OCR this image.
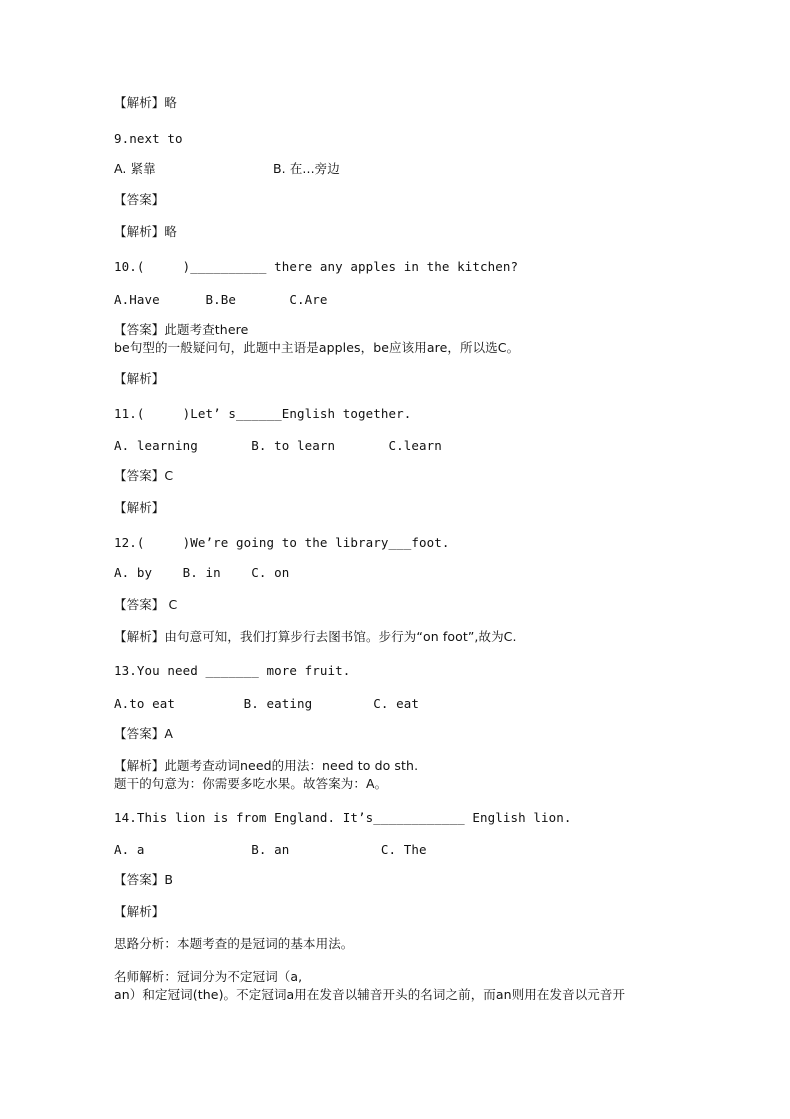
【解析】略

9.next to

A. 紧靠	B. 在...旁边

【答案】

【解析】略

10.(     )__________ there any apples in the kitchen?

A.Have      B.Be       C.Are

【答案】此题考查there

be句型的一般疑问句，此题中主语是apples，be应该用are，所以选C。

【解析】

11.(     )Let’ s______English together.

A. learning       B. to learn       C.learn

【答案】C

【解析】

12.(     )We’re going to the library___foot.

A. by    B. in    C. on

【答案】 C

【解析】由句意可知，我们打算步行去图书馆。步行为“on foot”,故为C.

13.You need _______ more fruit.

A.to eat         B. eating        C. eat

【答案】A

【解析】此题考查动词need的用法：need to do sth.

题干的句意为：你需要多吃水果。故答案为：A。

14.This lion is from England. It’s____________ English lion.

A. a              B. an            C. The

【答案】B

【解析】

思路分析：本题考查的是冠词的基本用法。

名师解析：冠词分为不定冠词（a,

an）和定冠词(the)。不定冠词a用在发音以辅音开头的名词之前，而an则用在发音以元音开
